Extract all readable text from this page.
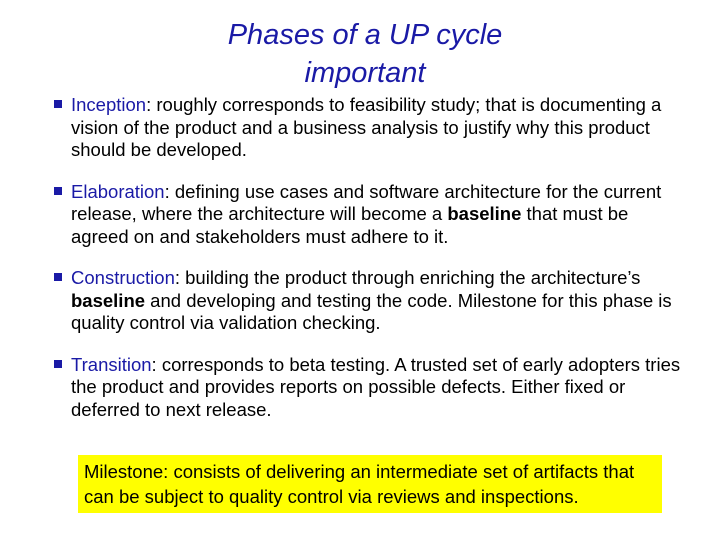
Phases of a UP cycle
important
Inception: roughly corresponds to feasibility study; that is documenting a vision of the product and a business analysis to justify why this product should be developed.
Elaboration: defining use cases and software architecture for the current release, where the architecture will become a baseline that must be agreed on and stakeholders must adhere to it.
Construction: building the product through enriching the architecture’s baseline and developing and testing the code. Milestone for this phase is quality control via validation checking.
Transition: corresponds to beta testing. A trusted set of early adopters tries the product and provides reports on possible defects. Either fixed or deferred to next release.
Milestone: consists of delivering an intermediate set of artifacts that can be subject to quality control via reviews and inspections.
